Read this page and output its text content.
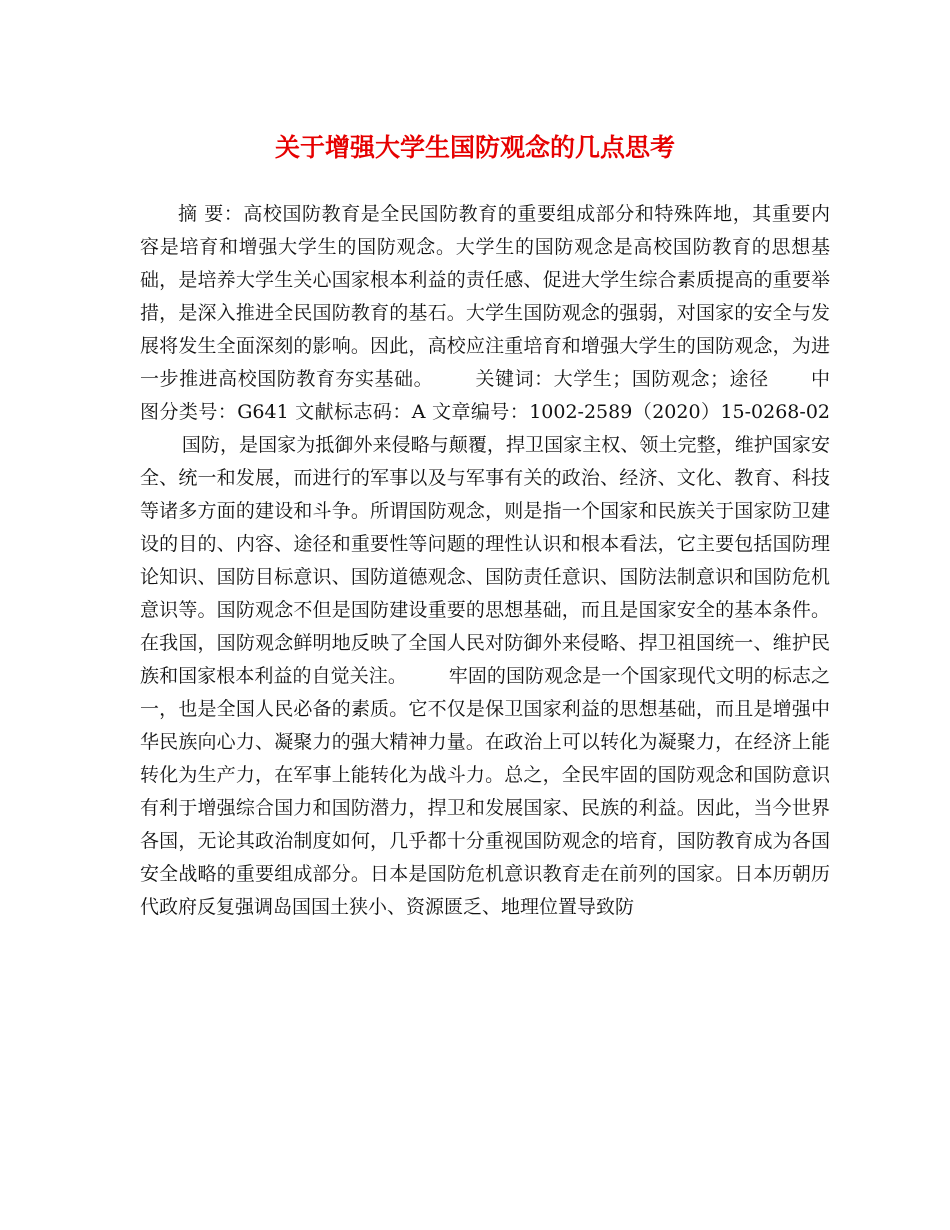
关于增强大学生国防观念的几点思考

摘 要：高校国防教育是全民国防教育的重要组成部分和特殊阵地，其重要内容是培育和增强大学生的国防观念。大学生的国防观念是高校国防教育的思想基础，是培养大学生关心国家根本利益的责任感、促进大学生综合素质提高的重要举措，是深入推进全民国防教育的基石。大学生国防观念的强弱，对国家的安全与发展将发生全面深刻的影响。因此，高校应注重培育和增强大学生的国防观念，为进一步推进高校国防教育夯实基础。 关键词：大学生；国防观念；途径 中图分类号：G641 文献标志码：A 文章编号：1002-2589（2020）15-0268-02国防，是国家为抵御外来侵略与颠覆，捍卫国家主权、领土完整，维护国家安全、统一和发展，而进行的军事以及与军事有关的政治、经济、文化、教育、科技等诸多方面的建设和斗争。所谓国防观念，则是指一个国家和民族关于国家防卫建设的目的、内容、途径和重要性等问题的理性认识和根本看法，它主要包括国防理论知识、国防目标意识、国防道德观念、国防责任意识、国防法制意识和国防危机意识等。国防观念不但是国防建设重要的思想基础，而且是国家安全的基本条件。在我国，国防观念鲜明地反映了全国人民对防御外来侵略、捍卫祖国统一、维护民族和国家根本利益的自觉关注。 牢固的国防观念是一个国家现代文明的标志之一，也是全国人民必备的素质。它不仅是保卫国家利益的思想基础，而且是增强中华民族向心力、凝聚力的强大精神力量。在政治上可以转化为凝聚力，在经济上能转化为生产力，在军事上能转化为战斗力。总之，全民牢固的国防观念和国防意识有利于增强综合国力和国防潜力，捍卫和发展国家、民族的利益。因此，当今世界各国，无论其政治制度如何，几乎都十分重视国防观念的培育，国防教育成为各国安全战略的重要组成部分。日本是国防危机意识教育走在前列的国家。日本历朝历代政府反复强调岛国国土狭小、资源匮乏、地理位置导致防
